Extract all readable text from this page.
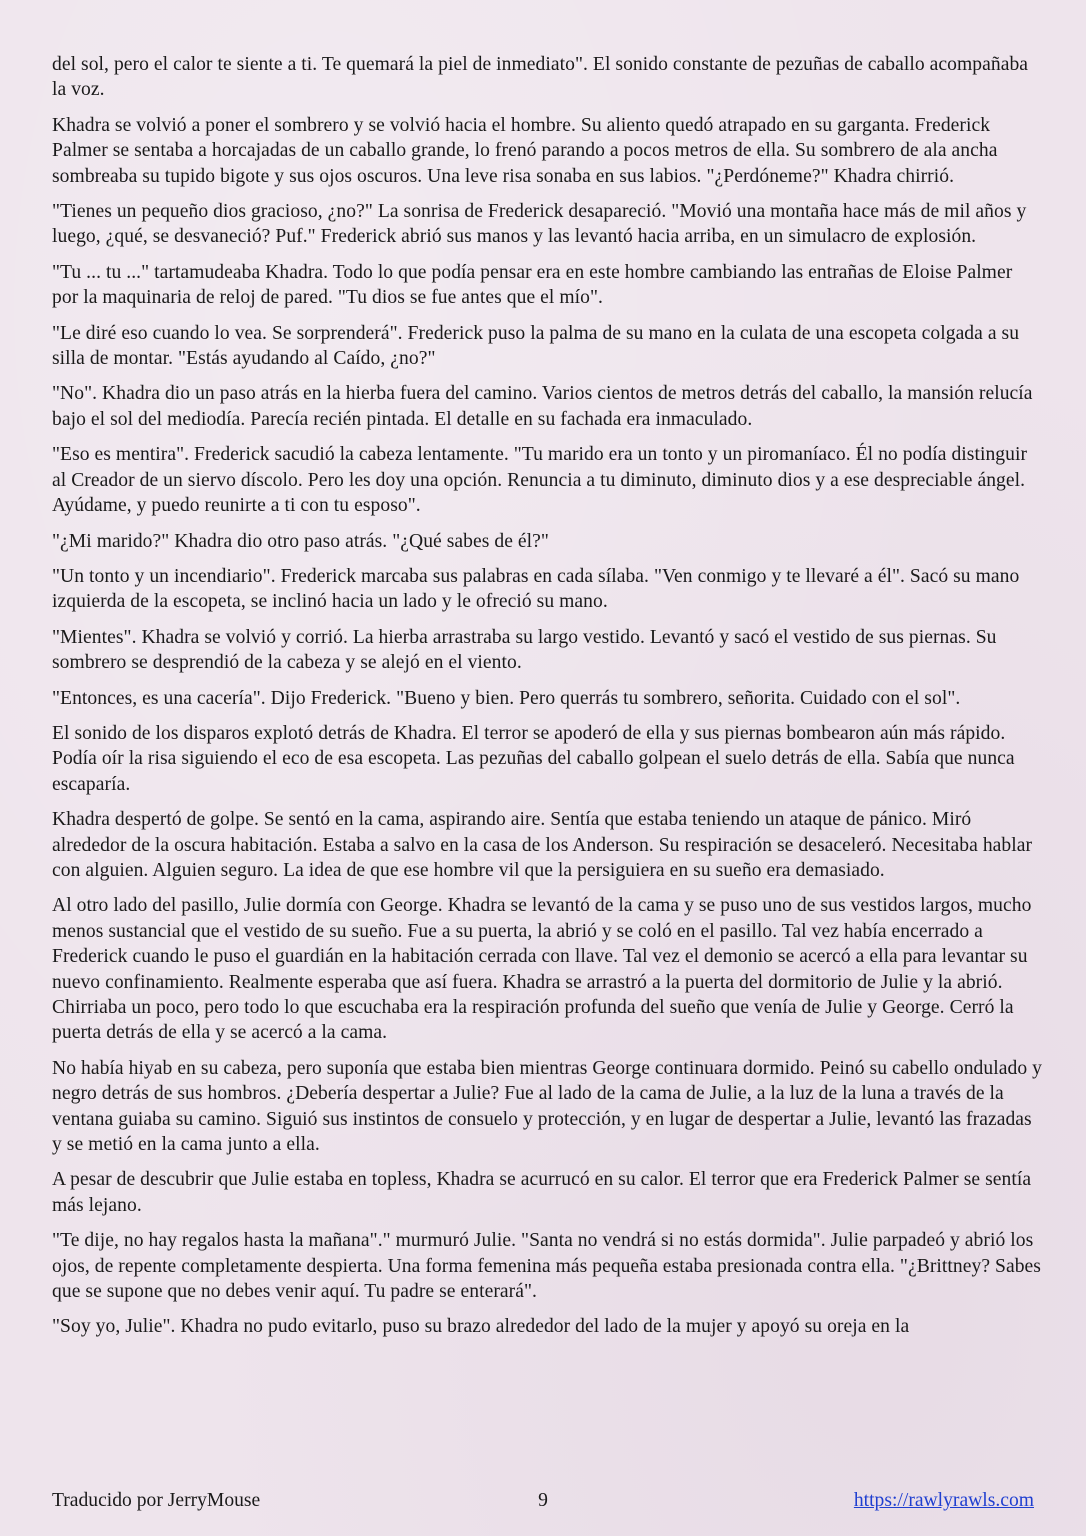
del sol, pero el calor te siente a ti. Te quemará la piel de inmediato". El sonido constante de pezuñas de caballo acompañaba la voz.

Khadra se volvió a poner el sombrero y se volvió hacia el hombre. Su aliento quedó atrapado en su garganta. Frederick Palmer se sentaba a horcajadas de un caballo grande, lo frenó parando a pocos metros de ella. Su sombrero de ala ancha sombreaba su tupido bigote y sus ojos oscuros. Una leve risa sonaba en sus labios. "¿Perdóneme?" Khadra chirrió.

"Tienes un pequeño dios gracioso, ¿no?" La sonrisa de Frederick desapareció. "Movió una montaña hace más de mil años y luego, ¿qué, se desvaneció? Puf." Frederick abrió sus manos y las levantó hacia arriba, en un simulacro de explosión.

"Tu ... tu ..." tartamudeaba Khadra. Todo lo que podía pensar era en este hombre cambiando las entrañas de Eloise Palmer por la maquinaria de reloj de pared. "Tu dios se fue antes que el mío".

"Le diré eso cuando lo vea. Se sorprenderá". Frederick puso la palma de su mano en la culata de una escopeta colgada a su silla de montar. "Estás ayudando al Caído, ¿no?"

"No". Khadra dio un paso atrás en la hierba fuera del camino. Varios cientos de metros detrás del caballo, la mansión relucía bajo el sol del mediodía. Parecía recién pintada. El detalle en su fachada era inmaculado.

"Eso es mentira". Frederick sacudió la cabeza lentamente. "Tu marido era un tonto y un piromaníaco. Él no podía distinguir al Creador de un siervo díscolo. Pero les doy una opción. Renuncia a tu diminuto, diminuto dios y a ese despreciable ángel. Ayúdame, y puedo reunirte a ti con tu esposo".

"¿Mi marido?" Khadra dio otro paso atrás. "¿Qué sabes de él?"

"Un tonto y un incendiario". Frederick marcaba sus palabras en cada sílaba. "Ven conmigo y te llevaré a él". Sacó su mano izquierda de la escopeta, se inclinó hacia un lado y le ofreció su mano.

"Mientes". Khadra se volvió y corrió. La hierba arrastraba su largo vestido. Levantó y sacó el vestido de sus piernas. Su sombrero se desprendió de la cabeza y se alejó en el viento.

"Entonces, es una cacería". Dijo Frederick. "Bueno y bien. Pero querrás tu sombrero, señorita. Cuidado con el sol".

El sonido de los disparos explotó detrás de Khadra. El terror se apoderó de ella y sus piernas bombearon aún más rápido. Podía oír la risa siguiendo el eco de esa escopeta. Las pezuñas del caballo golpean el suelo detrás de ella. Sabía que nunca escaparía.

Khadra despertó de golpe. Se sentó en la cama, aspirando aire. Sentía que estaba teniendo un ataque de pánico. Miró alrededor de la oscura habitación. Estaba a salvo en la casa de los Anderson. Su respiración se desaceleró. Necesitaba hablar con alguien. Alguien seguro. La idea de que ese hombre vil que la persiguiera en su sueño era demasiado.

Al otro lado del pasillo, Julie dormía con George. Khadra se levantó de la cama y se puso uno de sus vestidos largos, mucho menos sustancial que el vestido de su sueño. Fue a su puerta, la abrió y se coló en el pasillo. Tal vez había encerrado a Frederick cuando le puso el guardián en la habitación cerrada con llave. Tal vez el demonio se acercó a ella para levantar su nuevo confinamiento. Realmente esperaba que así fuera. Khadra se arrastró a la puerta del dormitorio de Julie y la abrió. Chirriaba un poco, pero todo lo que escuchaba era la respiración profunda del sueño que venía de Julie y George. Cerró la puerta detrás de ella y se acercó a la cama.

No había hiyab en su cabeza, pero suponía que estaba bien mientras George continuara dormido. Peinó su cabello ondulado y negro detrás de sus hombros. ¿Debería despertar a Julie? Fue al lado de la cama de Julie, a la luz de la luna a través de la ventana guiaba su camino. Siguió sus instintos de consuelo y protección, y en lugar de despertar a Julie, levantó las frazadas y se metió en la cama junto a ella.

A pesar de descubrir que Julie estaba en topless, Khadra se acurrucó en su calor. El terror que era Frederick Palmer se sentía más lejano.

"Te dije, no hay regalos hasta la mañana"." murmuró Julie. "Santa no vendrá si no estás dormida". Julie parpadeó y abrió los ojos, de repente completamente despierta. Una forma femenina más pequeña estaba presionada contra ella. "¿Brittney? Sabes que se supone que no debes venir aquí. Tu padre se enterará".

"Soy yo, Julie". Khadra no pudo evitarlo, puso su brazo alrededor del lado de la mujer y apoyó su oreja en la

Traducido por JerryMouse	9	https://rawlyrawls.com
